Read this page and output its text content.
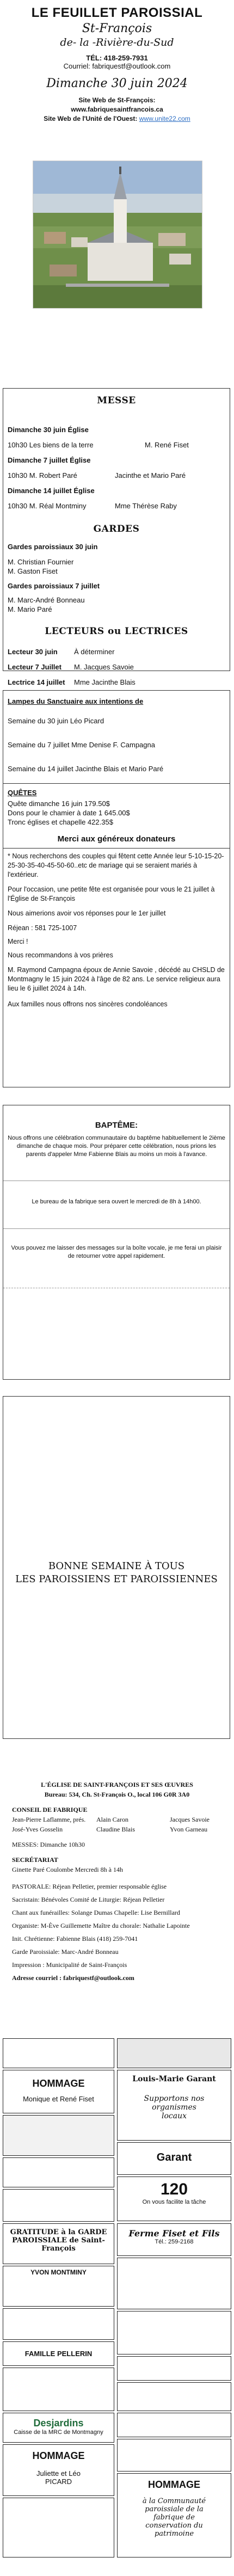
LE FEUILLET PAROISSIAL
St-François
de- la -Rivière-du-Sud
TÉL: 418-259-7931
Courriel: fabriquestf@outlook.com
Dimanche 30 juin 2024
Site Web de St-François:
www.fabriquesaintfrancois.ca
Site Web de l'Unité de l'Ouest: www.unite22.com
MESSE
Dimanche 30 juin Église
10h30 Les biens de la terre	M. René Fiset
Dimanche 7 juillet Église
10h30 M. Robert Paré	Jacinthe et Mario Paré
Dimanche 14 juillet Église
10h30 M. Réal Montminy	Mme Thérèse Raby
GARDES
Gardes paroissiaux 30 juin
M. Christian Fournier
M. Gaston Fiset
Gardes paroissiaux 7 juillet
M. Marc-André Bonneau
M. Mario Paré
LECTEURS ou LECTRICES
Lecteur 30 juin À déterminer
Lecteur 7 Juillet M. Jacques Savoie
Lectrice 14 juillet Mme Jacinthe Blais
Lampes du Sanctuaire aux intentions de
Semaine du 30 juin Léo Picard
Semaine du 7 juillet Mme Denise F. Campagna
Semaine du 14 juillet Jacinthe Blais et Mario Paré
QUÊTES
Quête dimanche 16 juin 179.50$
Dons pour le chamier à date 1 645.00$
Tronc églises et chapelle 422.35$
Merci aux généreux donateurs
* Nous recherchons des couples qui fêtent cette Année leur 5-10-15-20-25-30-35-40-45-50-60..etc de mariage qui se seraient mariés à l'extérieur.
Pour l'occasion, une petite fête est organisée pour vous le 21 juillet à l'Église de St-François
Nous aimerions avoir vos réponses pour le 1er juillet
Réjean : 581 725-1007
Merci !
Nous recommandons à vos prières
M. Raymond Campagna époux de Annie Savoie , décédé au CHSLD de Montmagny le 15 juin 2024 à l'âge de 82 ans. Le service religieux aura lieu le 6 juillet 2024 à 14h.
Aux familles nous offrons nos sincères condoléances
BAPTÊME:
Nous offrons une célébration communautaire du baptême habituellement le 2ième dimanche de chaque mois. Pour préparer cette célébration, nous prions les parents d'appeler Mme Fabienne Blais au moins un mois à l'avance.
Le bureau de la fabrique sera ouvert le mercredi de 8h à 14h00.
Vous pouvez me laisser des messages sur la boîte vocale, je me ferai un plaisir de retourner votre appel rapidement.
BONNE SEMAINE À TOUS
LES PAROISSIENS ET PAROISSIENNES
L'ÉGLISE DE SAINT-FRANÇOIS ET SES ŒUVRES
Bureau: 534, Ch. St-François O., local 106 G0R 3A0
CONSEIL DE FABRIQUE
Jean-Pierre Laflamme, prés.	Alain Caron	Jacques Savoie
José-Yves Gosselin	Claudine Blais	Yvon Garneau
MESSES: Dimanche 10h30
SECRÉTARIAT
Ginette Paré Coulombe Mercredi 8h à 14h
PASTORALE: Réjean Pelletier, premier responsable église
Sacristain: Bénévoles Comité de Liturgie: Réjean Pelletier
Chant aux funérailles: Solange Dumas Chapelle: Lise Bernillard
Organiste: M-Ève Guillemette Maître du chorale: Nathalie Lapointe
Init. Chrétienne: Fabienne Blais (418) 259-7041
Garde Paroissiale: Marc-André Bonneau
Impression : Municipalité de Saint-François
Adresse courriel : fabriquestf@outlook.com
HOMMAGE
Monique et René Fiset
Louis-Marie Garant
Supportons nos organismes locaux
Garant
120
On vous facilite la tâche
GRATITUDE à la GARDE PAROISSIALE de Saint-François
Ferme Fiset et Fils
Tél.: 259-2168
YVON MONTMINY
FAMILLE PELLERIN
Desjardins
Caisse de la MRC de Montmagny
HOMMAGE
Juliette et Léo PICARD	HOMMAGE
à la Communauté paroissiale de la fabrique de conservation du patrimoine
